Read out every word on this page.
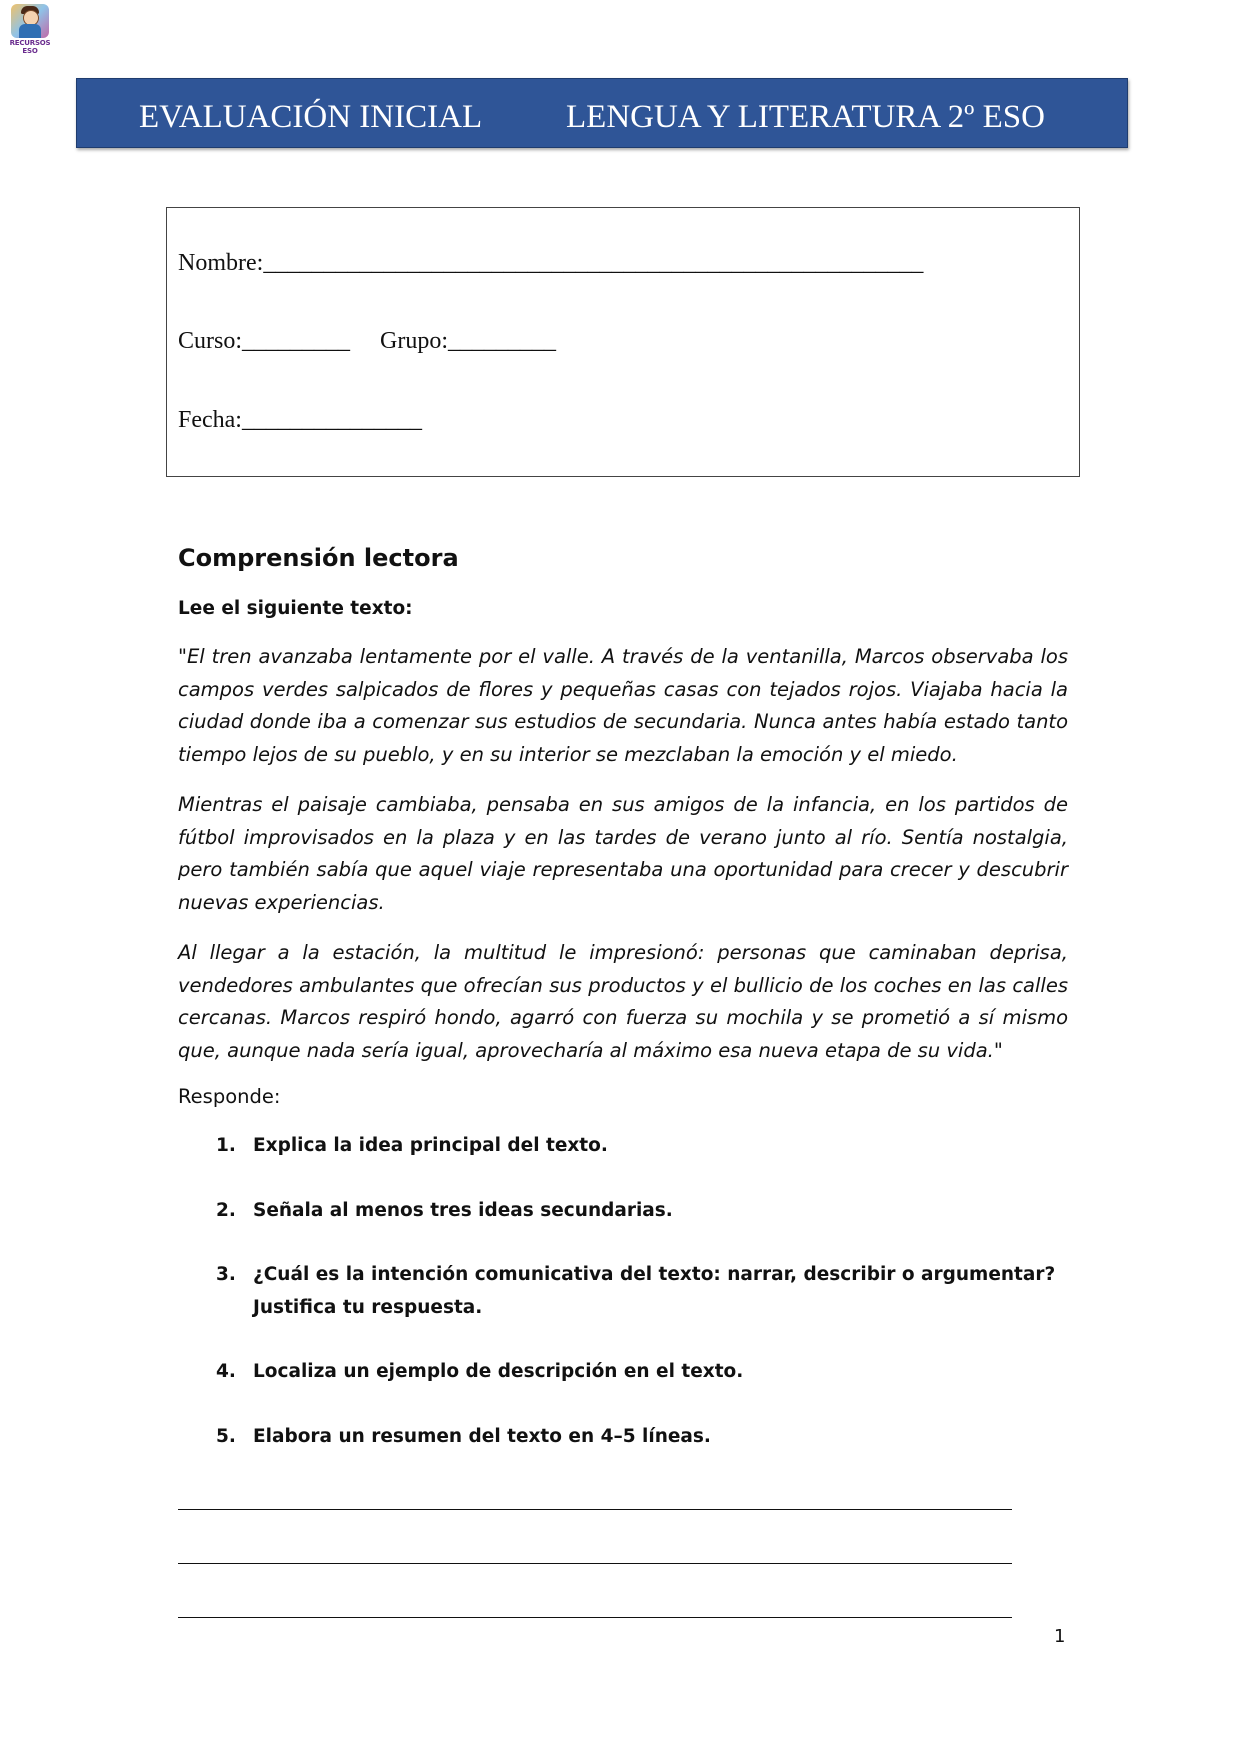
RECURSOS
ESO
EVALUACIÓN INICIAL	LENGUA Y LITERATURA 2º ESO
Nombre:_______________________________________________________
Curso:_________ Grupo:_________
Fecha:_______________
Comprensión lectora
Lee el siguiente texto:

"El tren avanzaba lentamente por el valle. A través de la ventanilla, Marcos observaba los campos verdes salpicados de flores y pequeñas casas con tejados rojos. Viajaba hacia la ciudad donde iba a comenzar sus estudios de secundaria. Nunca antes había estado tanto tiempo lejos de su pueblo, y en su interior se mezclaban la emoción y el miedo.

Mientras el paisaje cambiaba, pensaba en sus amigos de la infancia, en los partidos de fútbol improvisados en la plaza y en las tardes de verano junto al río. Sentía nostalgia, pero también sabía que aquel viaje representaba una oportunidad para crecer y descubrir nuevas experiencias.

Al llegar a la estación, la multitud le impresionó: personas que caminaban deprisa, vendedores ambulantes que ofrecían sus productos y el bullicio de los coches en las calles cercanas. Marcos respiró hondo, agarró con fuerza su mochila y se prometió a sí mismo que, aunque nada sería igual, aprovecharía al máximo esa nueva etapa de su vida."

Responde:
1. Explica la idea principal del texto.
2. Señala al menos tres ideas secundarias.
3. ¿Cuál es la intención comunicativa del texto: narrar, describir o argumentar? Justifica tu respuesta.
4. Localiza un ejemplo de descripción en el texto.
5. Elabora un resumen del texto en 4–5 líneas.
1
